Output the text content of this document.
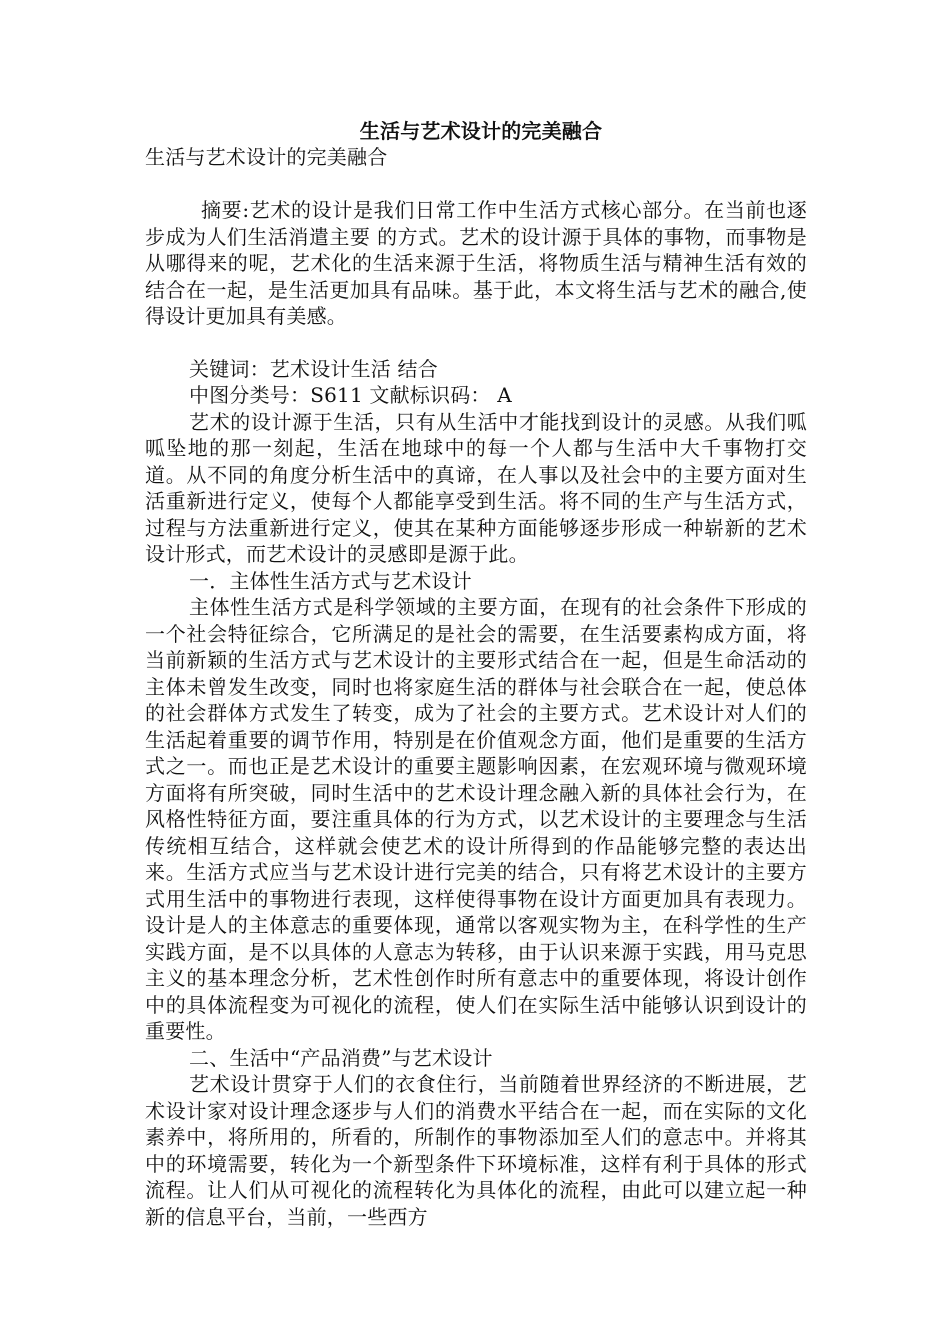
生活与艺术设计的完美融合
生活与艺术设计的完美融合

摘要:艺术的设计是我们日常工作中生活方式核心部分。在当前也逐步成为人们生活消遣主要 的方式。艺术的设计源于具体的事物，而事物是从哪得来的呢，艺术化的生活来源于生活，将物质生活与精神生活有效的结合在一起，是生活更加具有品味。基于此，本文将生活与艺术的融合,使得设计更加具有美感。

关键词：艺术设计生活 结合

中图分类号：S611 文献标识码： A

艺术的设计源于生活，只有从生活中才能找到设计的灵感。从我们呱呱坠地的那一刻起，生活在地球中的每一个人都与生活中大千事物打交道。从不同的角度分析生活中的真谛，在人事以及社会中的主要方面对生活重新进行定义，使每个人都能享受到生活。将不同的生产与生活方式，过程与方法重新进行定义，使其在某种方面能够逐步形成一种崭新的艺术设计形式，而艺术设计的灵感即是源于此。

一．主体性生活方式与艺术设计

主体性生活方式是科学领域的主要方面，在现有的社会条件下形成的一个社会特征综合，它所满足的是社会的需要，在生活要素构成方面，将当前新颖的生活方式与艺术设计的主要形式结合在一起，但是生命活动的主体未曾发生改变，同时也将家庭生活的群体与社会联合在一起，使总体的社会群体方式发生了转变，成为了社会的主要方式。艺术设计对人们的生活起着重要的调节作用，特别是在价值观念方面，他们是重要的生活方式之一。而也正是艺术设计的重要主题影响因素，在宏观环境与微观环境方面将有所突破，同时生活中的艺术设计理念融入新的具体社会行为，在风格性特征方面，要注重具体的行为方式，以艺术设计的主要理念与生活传统相互结合，这样就会使艺术的设计所得到的作品能够完整的表达出来。生活方式应当与艺术设计进行完美的结合，只有将艺术设计的主要方式用生活中的事物进行表现，这样使得事物在设计方面更加具有表现力。设计是人的主体意志的重要体现，通常以客观实物为主，在科学性的生产实践方面，是不以具体的人意志为转移，由于认识来源于实践，用马克思主义的基本理念分析，艺术性创作时所有意志中的重要体现，将设计创作中的具体流程变为可视化的流程，使人们在实际生活中能够认识到设计的重要性。

二、生活中“产品消费”与艺术设计

艺术设计贯穿于人们的衣食住行，当前随着世界经济的不断进展，艺术设计家对设计理念逐步与人们的消费水平结合在一起，而在实际的文化素养中，将所用的，所看的，所制作的事物添加至人们的意志中。并将其中的环境需要，转化为一个新型条件下环境标准，这样有利于具体的形式流程。让人们从可视化的流程转化为具体化的流程，由此可以建立起一种新的信息平台，当前，一些西方
